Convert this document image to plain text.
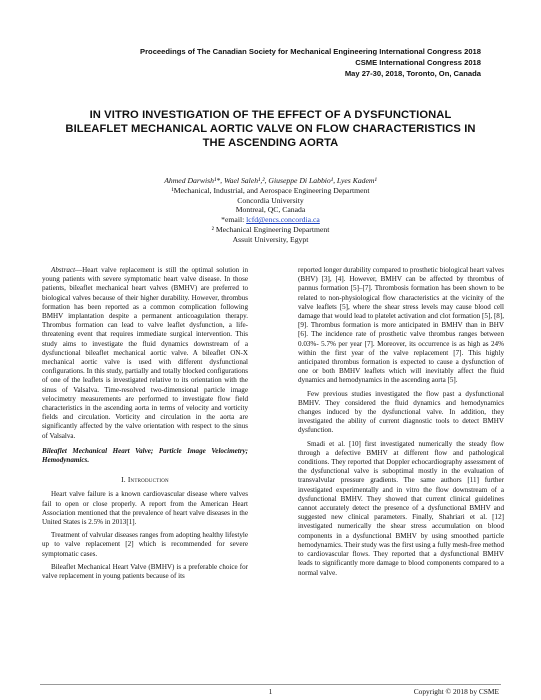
Proceedings of The Canadian Society for Mechanical Engineering International Congress 2018
CSME International Congress 2018
May 27-30, 2018, Toronto, On, Canada
IN VITRO INVESTIGATION OF THE EFFECT OF A DYSFUNCTIONAL BILEAFLET MECHANICAL AORTIC VALVE ON FLOW CHARACTERISTICS IN THE ASCENDING AORTA
Ahmed Darwish¹*, Wael Saleh¹,², Giuseppe Di Labbio¹, Lyes Kadem¹
¹Mechanical, Industrial, and Aerospace Engineering Department
Concordia University
Montreal, QC, Canada
*email: lcfd@encs.concordia.ca
² Mechanical Engineering Department
Assuit University, Egypt

Abstract—Heart valve replacement is still the optimal solution in young patients with severe symptomatic heart valve disease. In those patients, bileaflet mechanical heart valves (BMHV) are preferred to biological valves because of their higher durability. However, thrombus formation has been reported as a common complication following BMHV implantation despite a permanent anticoagulation therapy. Thrombus formation can lead to valve leaflet dysfunction, a life-threatening event that requires immediate surgical intervention. This study aims to investigate the fluid dynamics downstream of a dysfunctional bileaflet mechanical aortic valve. A bileaflet ON-X mechanical aortic valve is used with different dysfunctional configurations. In this study, partially and totally blocked configurations of one of the leaflets is investigated relative to its orientation with the sinus of Valsalva. Time-resolved two-dimensional particle image velocimetry measurements are performed to investigate flow field characteristics in the ascending aorta in terms of velocity and vorticity fields and circulation. Vorticity and circulation in the aorta are significantly affected by the valve orientation with respect to the sinus of Valsalva.

Bileaflet Mechanical Heart Valve; Particle Image Velocimetry; Hemodynamics.

I. Introduction

Heart valve failure is a known cardiovascular disease where valves fail to open or close properly. A report from the American Heart Association mentioned that the prevalence of heart valve diseases in the United States is 2.5% in 2013[1].

Treatment of valvular diseases ranges from adopting healthy lifestyle up to valve replacement [2] which is recommended for severe symptomatic cases.

Bileaflet Mechanical Heart Valve (BMHV) is a preferable choice for valve replacement in young patients because of its

reported longer durability compared to prosthetic biological heart valves (BHV) [3], [4]. However, BMHV can be affected by thrombus of pannus formation [5]–[7]. Thrombosis formation has been shown to be related to non-physiological flow characteristics at the vicinity of the valve leaflets [5], where the shear stress levels may cause blood cell damage that would lead to platelet activation and clot formation [5], [8], [9]. Thrombus formation is more anticipated in BMHV than in BHV [6]. The incidence rate of prosthetic valve thrombus ranges between 0.03%- 5.7% per year [7]. Moreover, its occurrence is as high as 24% within the first year of the valve replacement [7]. This highly anticipated thrombus formation is expected to cause a dysfunction of one or both BMHV leaflets which will inevitably affect the fluid dynamics and hemodynamics in the ascending aorta [5].

Few previous studies investigated the flow past a dysfunctional BMHV. They considered the fluid dynamics and hemodynamics changes induced by the dysfunctional valve. In addition, they investigated the ability of current diagnostic tools to detect BMHV dysfunction.

Smadi et al. [10] first investigated numerically the steady flow through a defective BMHV at different flow and pathological conditions. They reported that Doppler echocardiography assessment of the dysfunctional valve is suboptimal mostly in the evaluation of transvalvular pressure gradients. The same authors [11] further investigated experimentally and in vitro the flow downstream of a dysfunctional BMHV. They showed that current clinical guidelines cannot accurately detect the presence of a dysfunctional BMHV and suggested new clinical parameters. Finally, Shahriari et al. [12] investigated numerically the shear stress accumulation on blood components in a dysfunctional BMHV by using smoothed particle hemodynamics. Their study was the first using a fully mesh-free method to cardiovascular flows. They reported that a dysfunctional BMHV leads to significantly more damage to blood components compared to a normal valve.

1	Copyright © 2018 by CSME
